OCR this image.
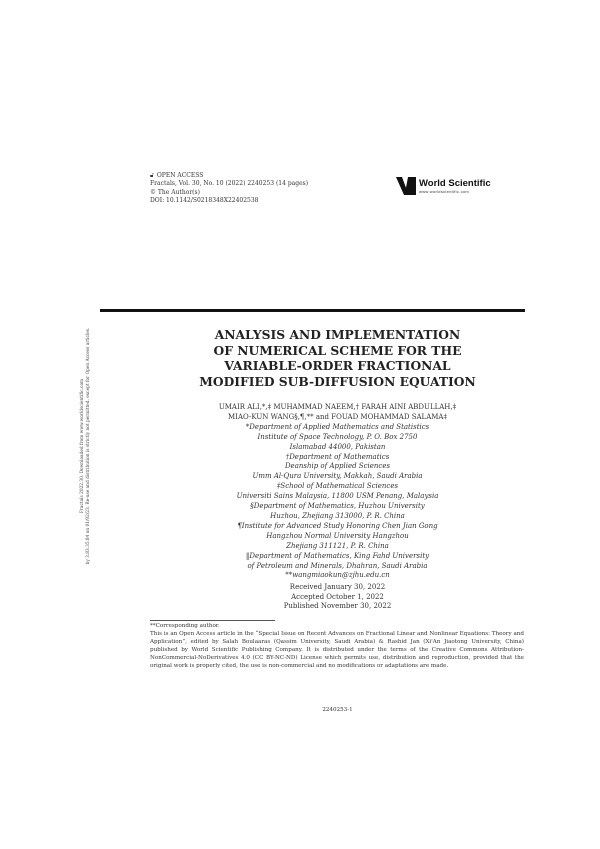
🔓︎ OPEN ACCESS
Fractals, Vol. 30, No. 10 (2022) 2240253 (14 pages)
© The Author(s)
DOI: 10.1142/S0218348X22402538
World Scientific
www.worldscientific.com
Fractals 2022.30. Downloaded from www.worldscientific.com by 3.83.35.84 on 01/02/23. Re-use and distribution is strictly not permitted, except for Open Access articles.	ANALYSIS AND IMPLEMENTATION
OF NUMERICAL SCHEME FOR THE
VARIABLE-ORDER FRACTIONAL
MODIFIED SUB-DIFFUSION EQUATION
UMAIR ALI,*,‡ MUHAMMAD NAEEM,† FARAH AINI ABDULLAH,‡
MIAO-KUN WANG§,¶,** and FOUAD MOHAMMAD SALAMA‡
*Department of Applied Mathematics and Statistics
Institute of Space Technology, P. O. Box 2750
Islamabad 44000, Pakistan
†Department of Mathematics
Deanship of Applied Sciences
Umm Al-Qura University, Makkah, Saudi Arabia
‡School of Mathematical Sciences
Universiti Sains Malaysia, 11800 USM Penang, Malaysia
§Department of Mathematics, Huzhou University
Huzhou, Zhejiang 313000, P. R. China
¶Institute for Advanced Study Honoring Chen Jian Gong
Hangzhou Normal University Hangzhou
Zhejiang 311121, P. R. China
‖Department of Mathematics, King Fahd University
of Petroleum and Minerals, Dhahran, Saudi Arabia
**wangmiaokun@zjhu.edu.cn
Received January 30, 2022
Accepted October 1, 2022
Published November 30, 2022
**Corresponding author.
This is an Open Access article in the “Special Issue on Recent Advances on Fractional Linear and Nonlinear Equations: Theory and Application”, edited by Salah Boulaaras (Qassim University, Saudi Arabia) & Rashid Jan (Xi'An Jiaotong University, China) published by World Scientific Publishing Company. It is distributed under the terms of the Creative Commons Attribution-NonCommercial-NoDerivatives 4.0 (CC BY-NC-ND) License which permits use, distribution and reproduction, provided that the original work is properly cited, the use is non-commercial and no modifications or adaptations are made.
2240253-1
